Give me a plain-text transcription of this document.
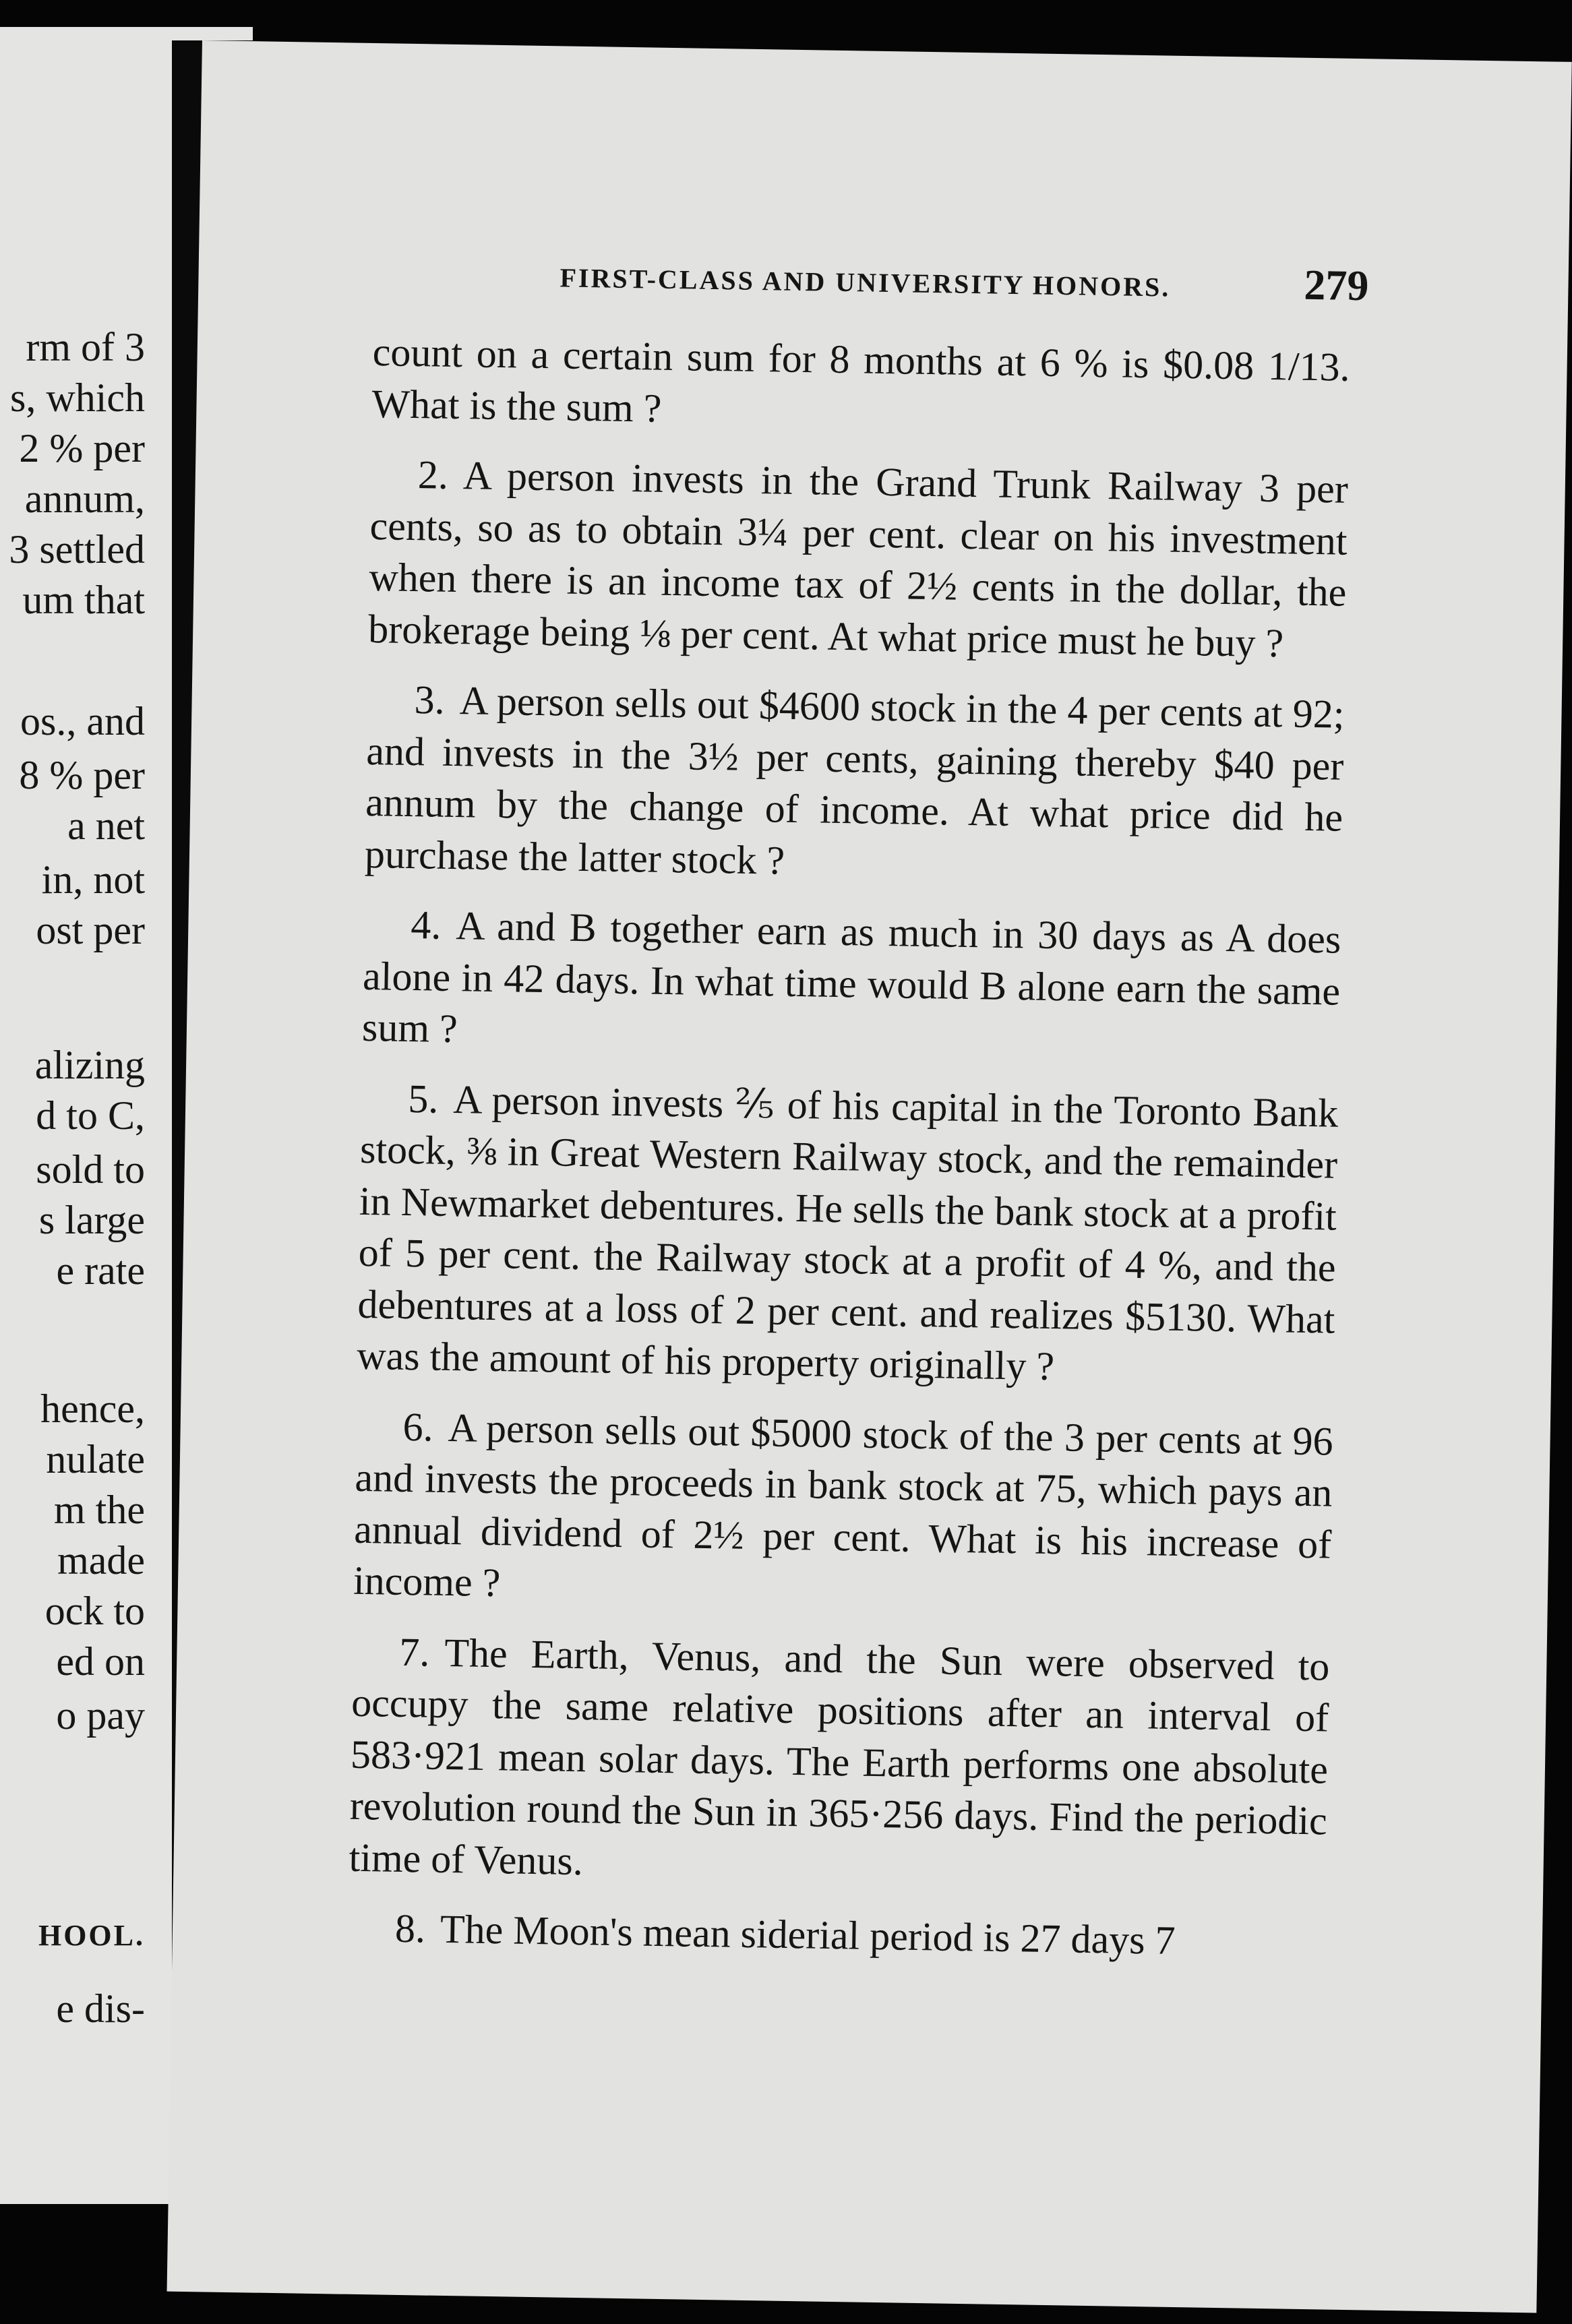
rm of 3
s, which
2 % per
annum,
3 settled
um that
os., and
8 % per
a net
in, not
ost per
alizing
d to C,
sold to
s large
e rate
hence,
nulate
m the
made
ock to
ed on
o pay
HOOL.
e dis-
FIRST-CLASS AND UNIVERSITY HONORS.	279

count on a certain sum for 8 months at 6 % is $0.08 1/13. What is the sum ?

2. A person invests in the Grand Trunk Railway 3 per cents, so as to obtain 3¼ per cent. clear on his investment when there is an income tax of 2½ cents in the dollar, the brokerage being ⅛ per cent. At what price must he buy ?

3. A person sells out $4600 stock in the 4 per cents at 92; and invests in the 3½ per cents, gaining thereby $40 per annum by the change of income. At what price did he purchase the latter stock ?

4. A and B together earn as much in 30 days as A does alone in 42 days. In what time would B alone earn the same sum ?

5. A person invests ⅖ of his capital in the Toronto Bank stock, ⅜ in Great Western Railway stock, and the remainder in Newmarket debentures. He sells the bank stock at a profit of 5 per cent. the Railway stock at a profit of 4 %, and the debentures at a loss of 2 per cent. and realizes $5130. What was the amount of his property originally ?

6. A person sells out $5000 stock of the 3 per cents at 96 and invests the proceeds in bank stock at 75, which pays an annual dividend of 2½ per cent. What is his increase of income ?

7. The Earth, Venus, and the Sun were observed to occupy the same relative positions after an interval of 583·921 mean solar days. The Earth performs one absolute revolution round the Sun in 365·256 days. Find the periodic time of Venus.

8. The Moon's mean siderial period is 27 days 7
